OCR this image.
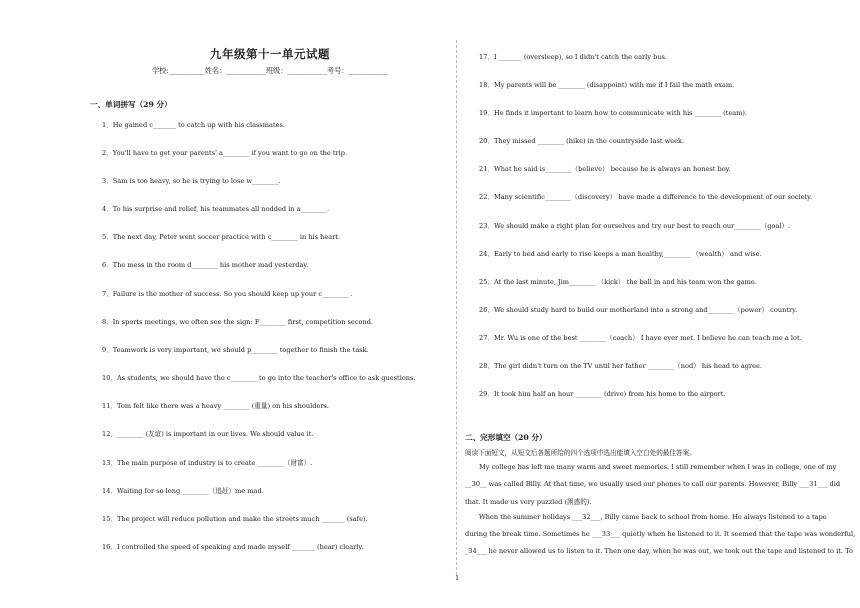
九年级第十一单元试题
学校:__________姓名：___________班级：___________考号：___________
一、单词拼写（29 分）
1．He gained c_______ to catch up with his classmates.
2．You'll have to get your parents' a________ if you want to go on the trip.
3．Sam is too heavy, so he is trying to lose w________.
4．To his surprise and relief, his teammates all nodded in a________.
5．The next day, Peter went soccer practice with c________ in his heart.
6．The mess in the room d________ his mother mad yesterday.
7．Failure is the mother of success. So you should keep up your c________ .
8．In sports meetings, we often see the sign: F________ first, competition second.
9．Teamwork is very important, we should p________ together to finish the task.
10．As students, we should have the c________ to go into the teacher's office to ask questions.
11．Tom felt like there was a heavy ________ (重量) on his shoulders.
12．________ (友谊) is important in our lives. We should value it.
13．The main purpose of industry is to create ________（财富）.
14．Waiting for so long ________（追赶）me mad.
15．The project will reduce pollution and make the streets much _______ (safe).
16．I controlled the speed of speaking and made myself _______ (hear) clearly.
17．I _______ (oversleep), so I didn't catch the early bus.
18．My parents will be ________ (disappoint) with me if I fail the math exam.
19．He finds it important to learn how to communicate with his ________ (team).
20．They missed ________ (hike) in the countryside last week.
21．What he said is________（believe） because he is always an honest boy.
22．Many scientific________（discovery） have made a difference to the development of our society.
23．We should make a right plan for ourselves and try our best to reach our________（goal）.
24．Early to bed and early to rise keeps a man healthy,________ （wealth） and wise.
25．At the last minute, Jim________ （kick） the ball in and his team won the game.
26．We should study hard to build our motherland into a strong and________（power） country.
27．Mr. Wu is one of the best ________（coach） I have ever met. I believe he can teach me a lot.
28．The girl didn't turn on the TV until her father ________（nod） his head to agree.
29．It took him half an hour ________ (drive) from his home to the airport.
二、完形填空（20 分）
阅读下面短文，从短文后各题所给的四个选项中选出能填入空白处的最佳答案。
My college has left me many warm and sweet memories. I still remember when I was in college, one of my
__30__ was called Billy. At that time, we usually used our phones to call our parents. However, Billy ___31___ did
that. It made us very puzzled (困惑的).
When the summer holidays ___32___, Billy came back to school from home. He always listened to a tape
during the break time. Sometimes he ___33___ quietly when he listened to it. It seemed that the tape was wonderful,
_34___ he never allowed us to listen to it. Then one day, when he was out, we took out the tape and listened to it. To
1
